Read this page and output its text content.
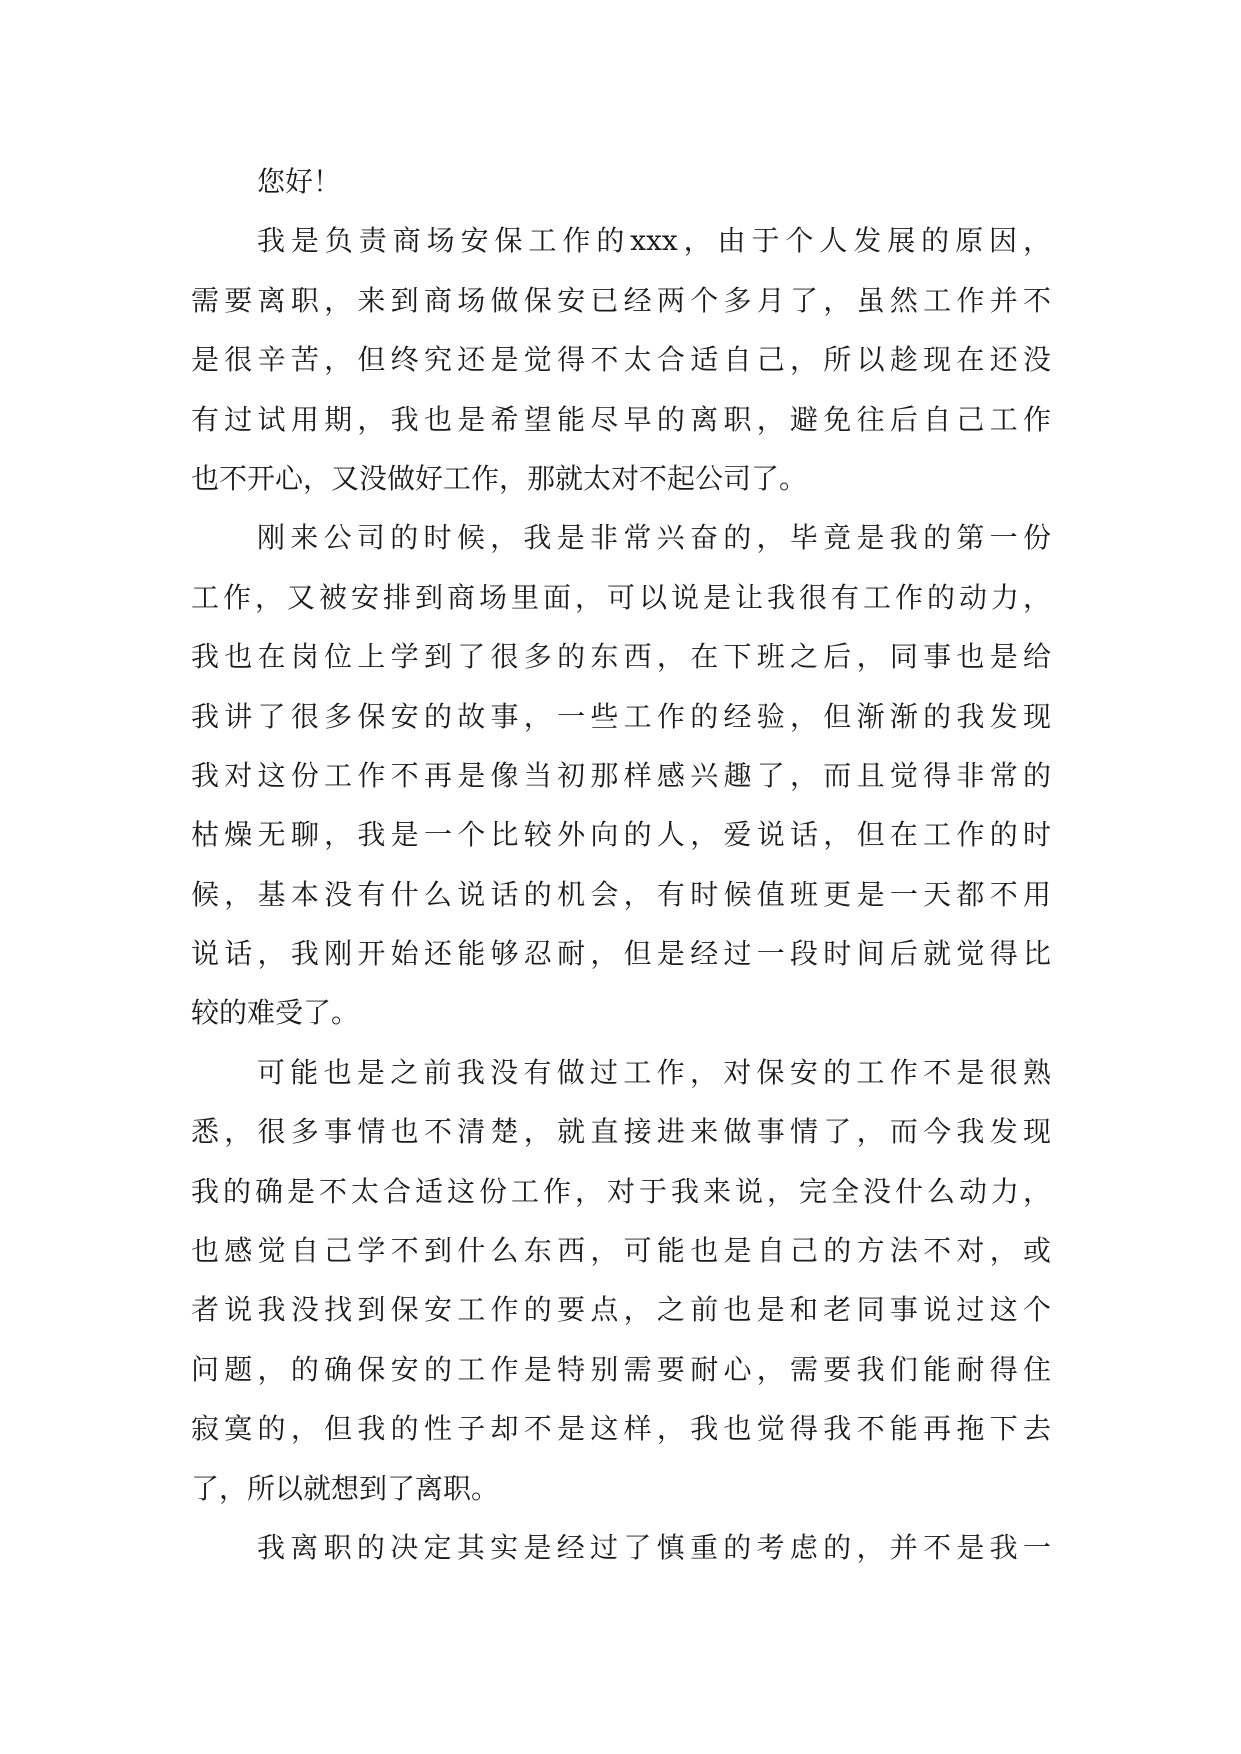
您好！
我是负责商场安保工作的xxx，由于个人发展的原因，
需要离职，来到商场做保安已经两个多月了，虽然工作并不
是很辛苦，但终究还是觉得不太合适自己，所以趁现在还没
有过试用期，我也是希望能尽早的离职，避免往后自己工作
也不开心，又没做好工作，那就太对不起公司了。
刚来公司的时候，我是非常兴奋的，毕竟是我的第一份
工作，又被安排到商场里面，可以说是让我很有工作的动力，
我也在岗位上学到了很多的东西，在下班之后，同事也是给
我讲了很多保安的故事，一些工作的经验，但渐渐的我发现
我对这份工作不再是像当初那样感兴趣了，而且觉得非常的
枯燥无聊，我是一个比较外向的人，爱说话，但在工作的时
候，基本没有什么说话的机会，有时候值班更是一天都不用
说话，我刚开始还能够忍耐，但是经过一段时间后就觉得比
较的难受了。
可能也是之前我没有做过工作，对保安的工作不是很熟
悉，很多事情也不清楚，就直接进来做事情了，而今我发现
我的确是不太合适这份工作，对于我来说，完全没什么动力，
也感觉自己学不到什么东西，可能也是自己的方法不对，或
者说我没找到保安工作的要点，之前也是和老同事说过这个
问题，的确保安的工作是特别需要耐心，需要我们能耐得住
寂寞的，但我的性子却不是这样，我也觉得我不能再拖下去
了，所以就想到了离职。
我离职的决定其实是经过了慎重的考虑的，并不是我一
